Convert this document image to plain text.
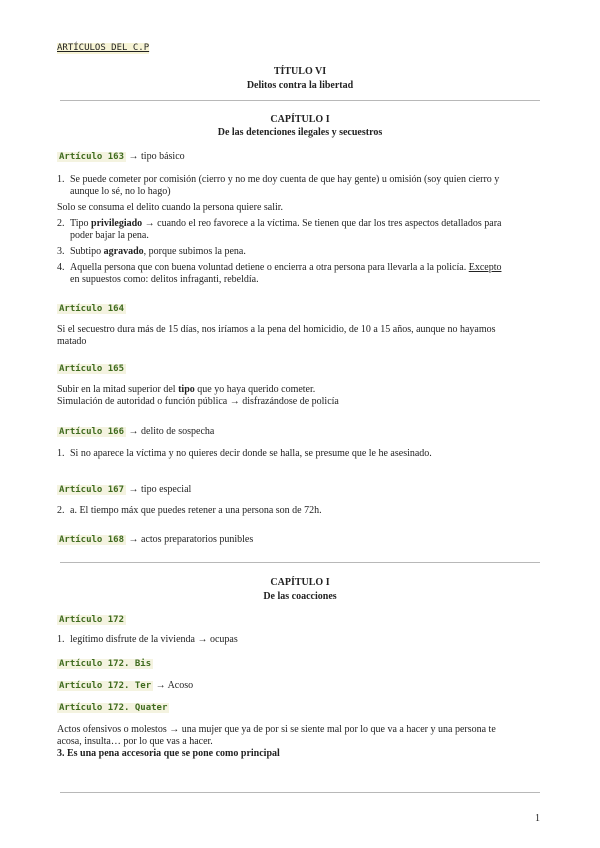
ARTÍCULOS DEL C.P
TÍTULO VI
Delitos contra la libertad
CAPÍTULO I
De las detenciones ilegales y secuestros
Artículo 163 → tipo básico
1. Se puede cometer por comisión (cierro y no me doy cuenta de que hay gente) u omisión (soy quien cierro y
aunque lo sé, no lo hago)
Solo se consuma el delito cuando la persona quiere salir.
2. Tipo privilegiado → cuando el reo favorece a la víctima. Se tienen que dar los tres aspectos detallados para
poder bajar la pena.
3. Subtipo agravado, porque subimos la pena.
4. Aquella persona que con buena voluntad detiene o encierra a otra persona para llevarla a la policía. Excepto
en supuestos como: delitos infraganti, rebeldía.
Artículo 164
Si el secuestro dura más de 15 días, nos iríamos a la pena del homicidio, de 10 a 15 años, aunque no hayamos
matado
Artículo 165
Subir en la mitad superior del tipo que yo haya querido cometer.
Simulación de autoridad o función pública → disfrazándose de policía
Artículo 166 → delito de sospecha
1. Si no aparece la víctima y no quieres decir donde se halla, se presume que le he asesinado.
Artículo 167 → tipo especial
2. a. El tiempo máx que puedes retener a una persona son de 72h.
Artículo 168 → actos preparatorios punibles
CAPÍTULO I
De las coacciones
Artículo 172
1. legítimo disfrute de la vivienda → ocupas
Artículo 172. Bis
Artículo 172. Ter → Acoso
Artículo 172. Quater
Actos ofensivos o molestos → una mujer que ya de por si se siente mal por lo que va a hacer y una persona te
acosa, insulta… por lo que vas a hacer.
3. Es una pena accesoria que se pone como principal
1
